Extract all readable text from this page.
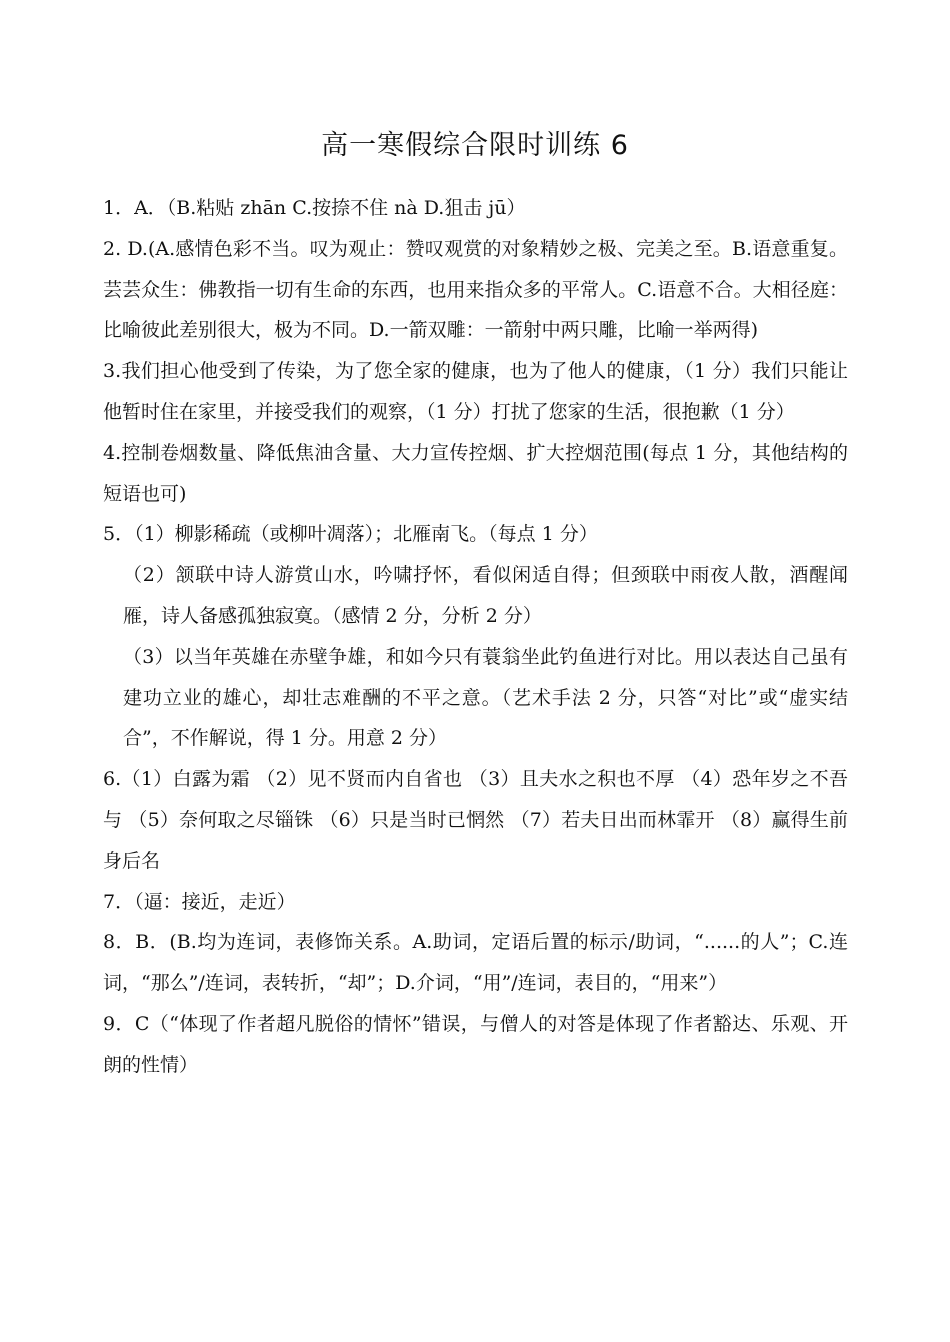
高一寒假综合限时训练 6

1．A．（B.粘贴 zhān C.按捺不住 nà D.狙击 jū）

2. D.(A.感情色彩不当。叹为观止：赞叹观赏的对象精妙之极、完美之至。B.语意重复。芸芸众生：佛教指一切有生命的东西，也用来指众多的平常人。C.语意不合。大相径庭：比喻彼此差别很大，极为不同。D.一箭双雕：一箭射中两只雕，比喻一举两得)

3.我们担心他受到了传染，为了您全家的健康，也为了他人的健康，（1 分）我们只能让他暂时住在家里，并接受我们的观察，（1 分）打扰了您家的生活，很抱歉（1 分）

4.控制卷烟数量、降低焦油含量、大力宣传控烟、扩大控烟范围(每点 1 分，其他结构的短语也可)

5．（1）柳影稀疏（或柳叶凋落）；北雁南飞。（每点 1 分）

（2）颔联中诗人游赏山水，吟啸抒怀，看似闲适自得；但颈联中雨夜人散，酒醒闻雁，诗人备感孤独寂寞。（感情 2 分，分析 2 分）

（3）以当年英雄在赤壁争雄，和如今只有蓑翁坐此钓鱼进行对比。用以表达自己虽有建功立业的雄心，却壮志难酬的不平之意。（艺术手法 2 分，只答“对比”或“虚实结合”，不作解说，得 1 分。用意 2 分）

6.（1）白露为霜 （2）见不贤而内自省也 （3）且夫水之积也不厚 （4）恐年岁之不吾与 （5）奈何取之尽锱铢 （6）只是当时已惘然 （7）若夫日出而林霏开 （8）赢得生前身后名

7．（逼：接近，走近）

8．B．(B.均为连词，表修饰关系。A.助词，定语后置的标示/助词，“......的人”；C.连词，“那么”/连词，表转折，“却”；D.介词，“用”/连词，表目的，“用来”）

9．C（“体现了作者超凡脱俗的情怀”错误，与僧人的对答是体现了作者豁达、乐观、开朗的性情）
